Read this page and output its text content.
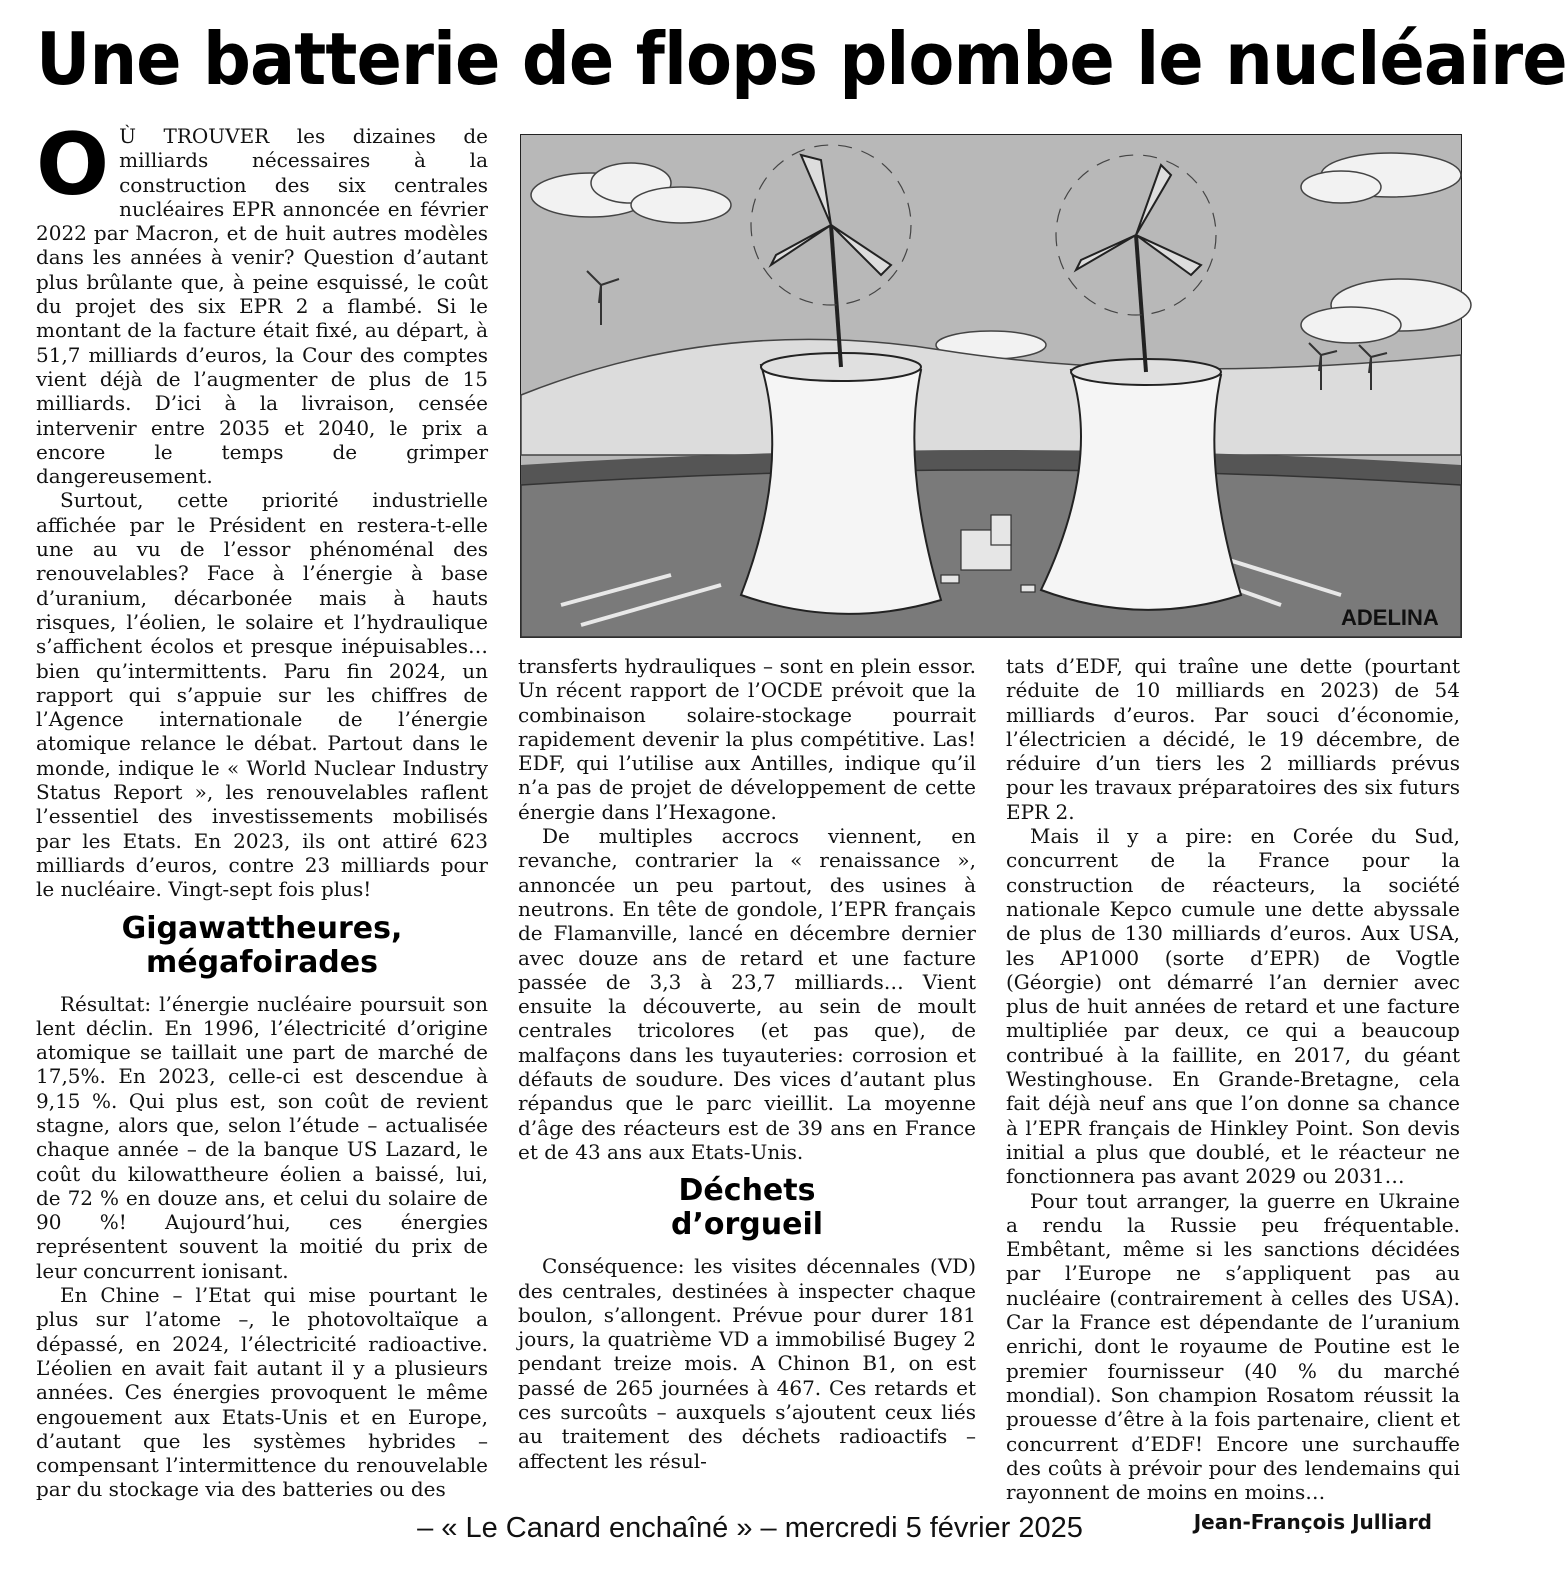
Une batterie de flops plombe le nucléaire

O Ù TROUVER les dizaines de milliards nécessaires à la construction des six centrales nucléaires EPR annoncée en février 2022 par Macron, et de huit autres modèles dans les années à venir? Question d’autant plus brûlante que, à peine esquissé, le coût du projet des six EPR 2 a flambé. Si le montant de la facture était fixé, au départ, à 51,7 milliards d’euros, la Cour des comptes vient déjà de l’augmenter de plus de 15 milliards. D’ici à la livraison, censée intervenir entre 2035 et 2040, le prix a encore le temps de grimper dangereusement.

Surtout, cette priorité industrielle affichée par le Président en restera-t-elle une au vu de l’essor phénoménal des renouvelables? Face à l’énergie à base d’uranium, décarbonée mais à hauts risques, l’éolien, le solaire et l’hydraulique s’affichent écolos et presque inépuisables… bien qu’intermittents. Paru fin 2024, un rapport qui s’appuie sur les chiffres de l’Agence internationale de l’énergie atomique relance le débat. Partout dans le monde, indique le « World Nuclear Industry Status Report », les renouvelables raflent l’essentiel des investissements mobilisés par les Etats. En 2023, ils ont attiré 623 milliards d’euros, contre 23 milliards pour le nucléaire. Vingt-sept fois plus!

Gigawattheures,
mégafoirades

Résultat: l’énergie nucléaire poursuit son lent déclin. En 1996, l’électricité d’origine atomique se taillait une part de marché de 17,5%. En 2023, celle-ci est descendue à 9,15 %. Qui plus est, son coût de revient stagne, alors que, selon l’étude – actualisée chaque année – de la banque US Lazard, le coût du kilowattheure éolien a baissé, lui, de 72 % en douze ans, et celui du solaire de 90 %! Aujourd’hui, ces énergies représentent souvent la moitié du prix de leur concurrent ionisant.

En Chine – l’Etat qui mise pourtant le plus sur l’atome –, le photovoltaïque a dépassé, en 2024, l’électricité radioactive. L’éolien en avait fait autant il y a plusieurs années. Ces énergies provoquent le même engouement aux Etats-Unis et en Europe, d’autant que les systèmes hybrides – compensant l’intermittence du renouvelable par du stockage via des batteries ou des

ADELINA

transferts hydrauliques – sont en plein essor. Un récent rapport de l’OCDE prévoit que la combinaison solaire-stockage pourrait rapidement devenir la plus compétitive. Las! EDF, qui l’utilise aux Antilles, indique qu’il n’a pas de projet de développement de cette énergie dans l’Hexagone.

De multiples accrocs viennent, en revanche, contrarier la « renaissance », annoncée un peu partout, des usines à neutrons. En tête de gondole, l’EPR français de Flamanville, lancé en décembre dernier avec douze ans de retard et une facture passée de 3,3 à 23,7 milliards… Vient ensuite la découverte, au sein de moult centrales tricolores (et pas que), de malfaçons dans les tuyauteries: corrosion et défauts de soudure. Des vices d’autant plus répandus que le parc vieillit. La moyenne d’âge des réacteurs est de 39 ans en France et de 43 ans aux Etats-Unis.

Déchets
d’orgueil

Conséquence: les visites décennales (VD) des centrales, destinées à inspecter chaque boulon, s’allongent. Prévue pour durer 181 jours, la quatrième VD a immobilisé Bugey 2 pendant treize mois. A Chinon B1, on est passé de 265 journées à 467. Ces retards et ces surcoûts – auxquels s’ajoutent ceux liés au traitement des déchets radioactifs – affectent les résul-

tats d’EDF, qui traîne une dette (pourtant réduite de 10 milliards en 2023) de 54 milliards d’euros. Par souci d’économie, l’électricien a décidé, le 19 décembre, de réduire d’un tiers les 2 milliards prévus pour les travaux préparatoires des six futurs EPR 2.

Mais il y a pire: en Corée du Sud, concurrent de la France pour la construction de réacteurs, la société nationale Kepco cumule une dette abyssale de plus de 130 milliards d’euros. Aux USA, les AP1000 (sorte d’EPR) de Vogtle (Géorgie) ont démarré l’an dernier avec plus de huit années de retard et une facture multipliée par deux, ce qui a beaucoup contribué à la faillite, en 2017, du géant Westinghouse. En Grande-Bretagne, cela fait déjà neuf ans que l’on donne sa chance à l’EPR français de Hinkley Point. Son devis initial a plus que doublé, et le réacteur ne fonctionnera pas avant 2029 ou 2031…

Pour tout arranger, la guerre en Ukraine a rendu la Russie peu fréquentable. Embêtant, même si les sanctions décidées par l’Europe ne s’appliquent pas au nucléaire (contrairement à celles des USA). Car la France est dépendante de l’uranium enrichi, dont le royaume de Poutine est le premier fournisseur (40 % du marché mondial). Son champion Rosatom réussit la prouesse d’être à la fois partenaire, client et concurrent d’EDF! Encore une surchauffe des coûts à prévoir pour des lendemains qui rayonnent de moins en moins…

Jean-François Julliard
– « Le Canard enchaîné » – mercredi 5 février 2025
